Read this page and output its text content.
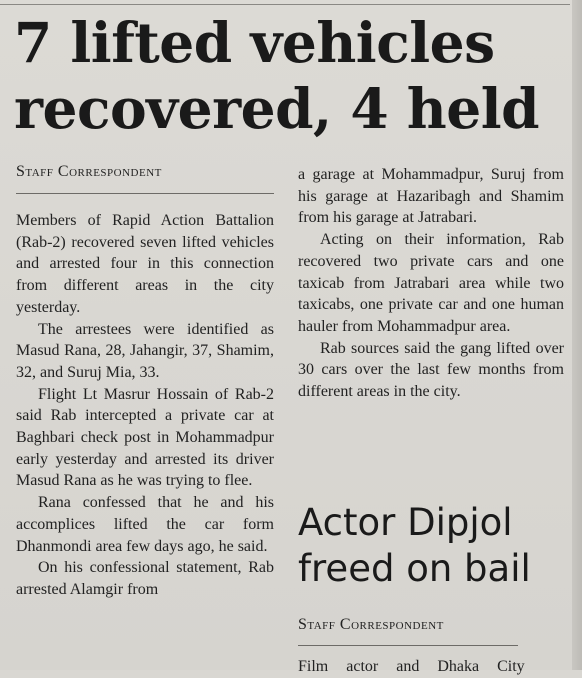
7 lifted vehicles
recovered, 4 held
Staff Correspondent

Members of Rapid Action Battalion (Rab-2) recovered seven lifted vehicles and arrested four in this connection from different areas in the city yesterday.

The arrestees were identified as Masud Rana, 28, Jahangir, 37, Shamim, 32, and Suruj Mia, 33.

Flight Lt Masrur Hossain of Rab-2 said Rab intercepted a private car at Baghbari check post in Mohammadpur early yesterday and arrested its driver Masud Rana as he was trying to flee.

Rana confessed that he and his accomplices lifted the car form Dhanmondi area few days ago, he said.

On his confessional statement, Rab arrested Alamgir from

a garage at Mohammadpur, Suruj from his garage at Hazaribagh and Shamim from his garage at Jatrabari.

Acting on their information, Rab recovered two private cars and one taxicab from Jatrabari area while two taxicabs, one private car and one human hauler from Mohammadpur area.

Rab sources said the gang lifted over 30 cars over the last few months from different areas in the city.

Actor Dipjol
freed on bail
Staff Correspondent
Film actor and Dhaka City
